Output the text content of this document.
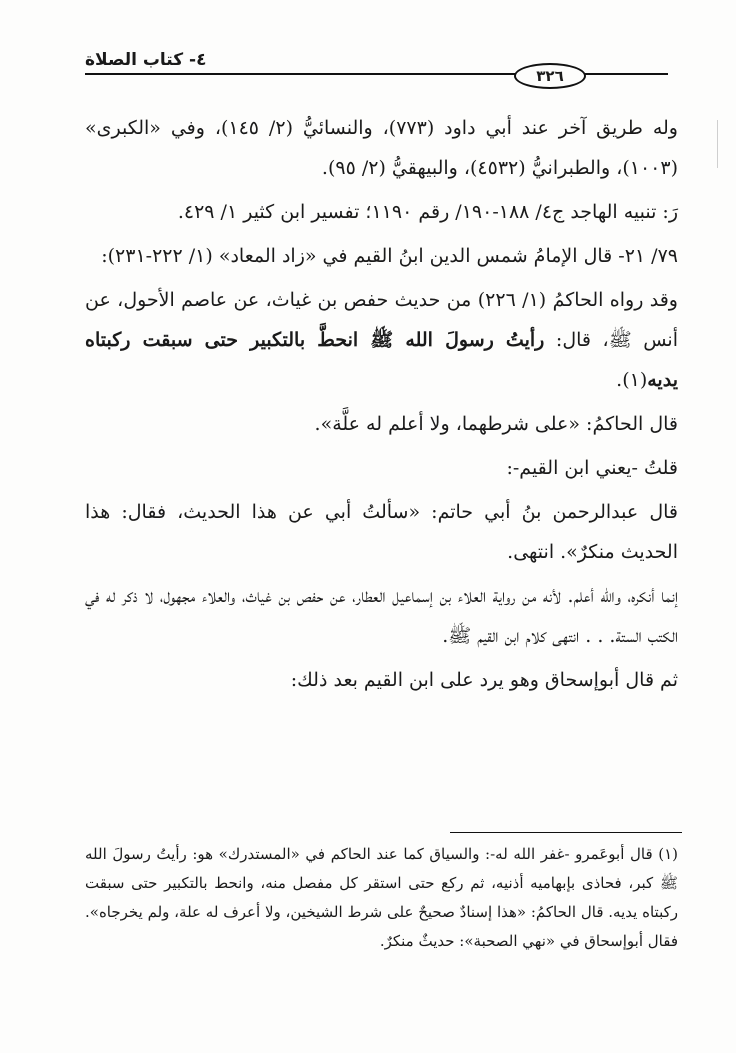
٤- كتاب الصلاة
٣٢٦

وله طريق آخر عند أبي داود (٧٧٣)، والنسائيُّ (٢/ ١٤٥)، وفي «الكبرى» (١٠٠٣)، والطبرانيُّ (٤٥٣٢)، والبيهقيُّ (٢/ ٩٥).

رَ: تنبيه الهاجد ج٤/ ١٨٨-١٩٠/ رقم ١١٩٠؛ تفسير ابن كثير ١/ ٤٢٩.

٧٩/ ٢١- قال الإمامُ شمس الدين ابنُ القيم في «زاد المعاد» (١/ ٢٢٢-٢٣١):

وقد رواه الحاكمُ (١/ ٢٢٦) من حديث حفص بن غياث، عن عاصم الأحول، عن أنس ﷺ، قال: رأيتُ رسولَ الله ﷺ انحطَّ بالتكبير حتى سبقت ركبتاه يديه(١).

قال الحاكمُ: «على شرطهما، ولا أعلم له علَّة».

قلتُ -يعني ابن القيم-:

قال عبدالرحمن بنُ أبي حاتم: «سألتُ أبي عن هذا الحديث، فقال: هذا الحديث منكرٌ». انتهى.

إنما أنكره، والله أعلم. لأنه من رواية العلاء بن إسماعيل العطار، عن حفص بن غياث، والعلاء مجهول، لا ذكر له في الكتب الستة. . . انتهى كلام ابن القيم ﷺ.

ثم قال أبوإسحاق وهو يرد على ابن القيم بعد ذلك:

(١) قال أبوعَمرو -غفر الله له-: والسياق كما عند الحاكم في «المستدرك» هو: رأيتُ رسولَ الله ﷺ كبر، فحاذى بإبهاميه أذنيه، ثم ركع حتى استقر كل مفصل منه، وانحط بالتكبير حتى سبقت ركبتاه يديه. قال الحاكمُ: «هذا إسنادٌ صحيحٌ على شرط الشيخين، ولا أعرف له علة، ولم يخرجاه». فقال أبوإسحاق في «نهي الصحبة»: حديثٌ منكرٌ.
